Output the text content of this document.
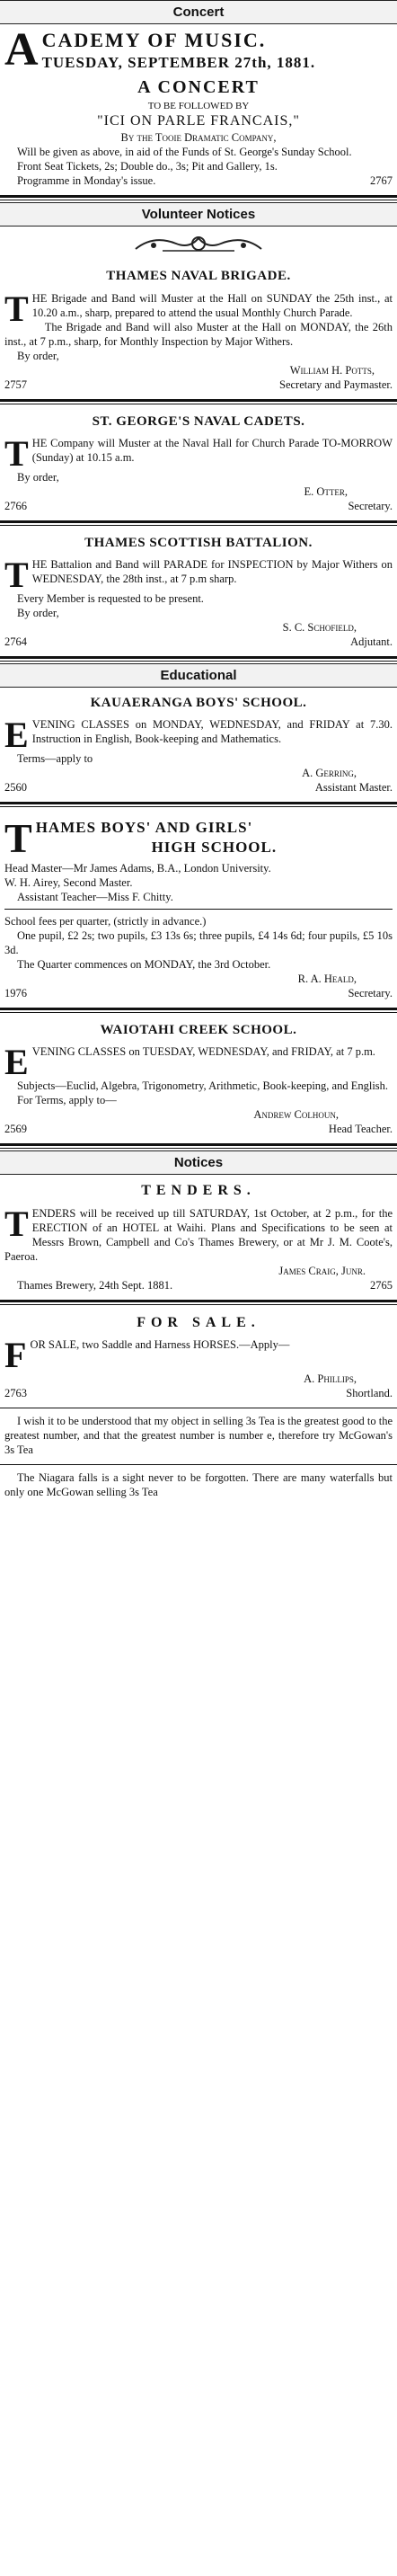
Concert
A CADEMY OF MUSIC.
TUESDAY, SEPTEMBER 27th, 1881.
A CONCERT
TO BE FOLLOWED BY
"ICI ON PARLE FRANCAIS,"
By the Tooie Dramatic Company,

Will be given as above, in aid of the Funds of St. George's Sunday School.

Front Seat Tickets, 2s; Double do., 3s; Pit and Gallery, 1s.

Programme in Monday's issue.	2767
Volunteer Notices
THAMES NAVAL BRIGADE.
T HE Brigade and Band will Muster at the Hall on SUNDAY the 25th inst., at 10.20 a.m., sharp, prepared to attend the usual Monthly Church Parade.

The Brigade and Band will also Muster at the Hall on MONDAY, the 26th inst., at 7 p.m., sharp, for Monthly Inspection by Major Withers.

By order,

William H. Potts,
2757	Secretary and Paymaster.
ST. GEORGE'S NAVAL CADETS.
T HE Company will Muster at the Naval Hall for Church Parade TO-MORROW (Sunday) at 10.15 a.m.

By order,

E. Otter,
2766	Secretary.
THAMES SCOTTISH BATTALION.
T HE Battalion and Band will PARADE for INSPECTION by Major Withers on WEDNESDAY, the 28th inst., at 7 p.m sharp.

Every Member is requested to be present.

By order,

S. C. Schofield,
2764	Adjutant.
Educational
KAUAERANGA BOYS' SCHOOL.
E VENING CLASSES on MONDAY, WEDNESDAY, and FRIDAY at 7.30. Instruction in English, Book-keeping and Mathematics.

Terms—apply to

A. Gerring,
2560	Assistant Master.
T HAMES BOYS' AND GIRLS'
HIGH SCHOOL.

Head Master—Mr James Adams, B.A., London University.

W. H. Airey, Second Master.

Assistant Teacher—Miss F. Chitty.

School fees per quarter, (strictly in advance.)

One pupil, £2 2s; two pupils, £3 13s 6s; three pupils, £4 14s 6d; four pupils, £5 10s 3d.

The Quarter commences on MONDAY, the 3rd October.

R. A. Heald,
1976	Secretary.
WAIOTAHI CREEK SCHOOL.
E VENING CLASSES on TUESDAY, WEDNESDAY, and FRIDAY, at 7 p.m.

Subjects—Euclid, Algebra, Trigonometry, Arithmetic, Book-keeping, and English.

For Terms, apply to—

Andrew Colhoun,
2569	Head Teacher.
Notices
TENDERS.
T ENDERS will be received up till SATURDAY, 1st October, at 2 p.m., for the ERECTION of an HOTEL at Waihi. Plans and Specifications to be seen at Messrs Brown, Campbell and Co's Thames Brewery, or at Mr J. M. Coote's, Paeroa.

James Craig, Junr.
Thames Brewery, 24th Sept. 1881.	2765
FOR SALE.
F OR SALE, two Saddle and Harness HORSES.—Apply—

A. Phillips,
2763	Shortland.

I wish it to be understood that my object in selling 3s Tea is the greatest good to the greatest number, and that the greatest number is number e, therefore try McGowan's 3s Tea

The Niagara falls is a sight never to be forgotten. There are many waterfalls but only one McGowan selling 3s Tea
